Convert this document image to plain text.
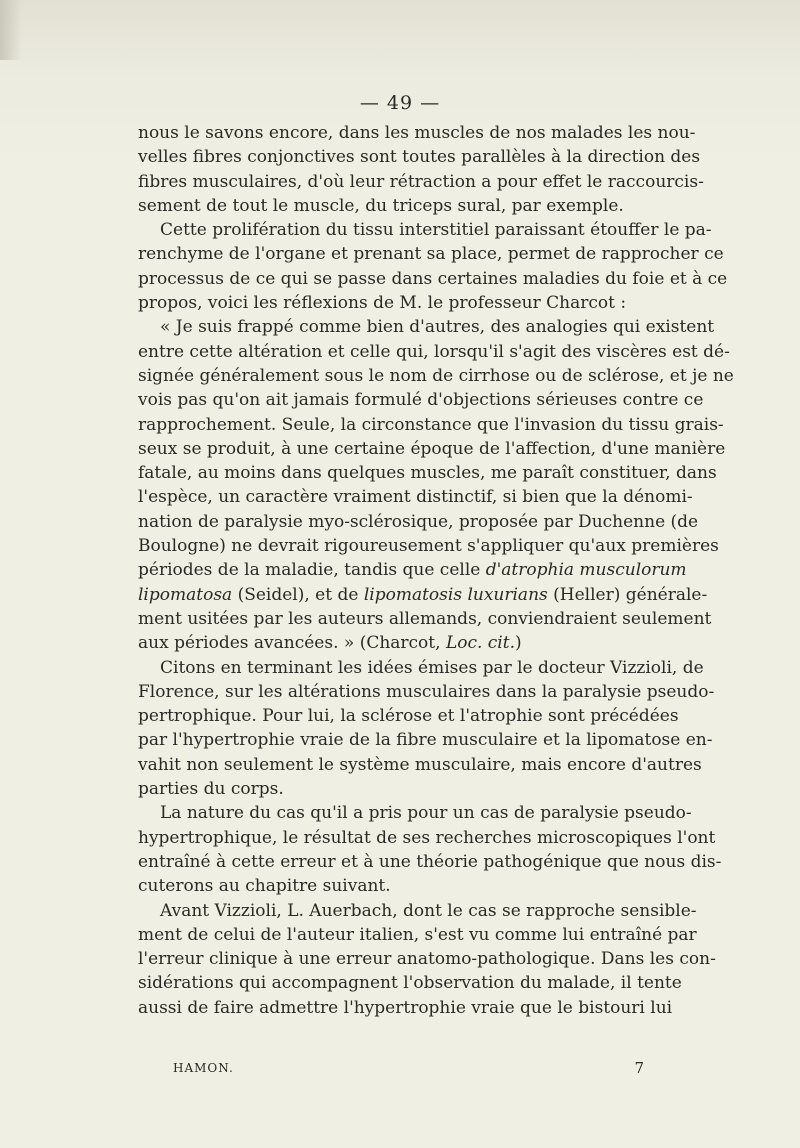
— 49 —
nous le savons encore, dans les muscles de nos malades les nou-
velles fibres conjonctives sont toutes parallèles à la direction des
fibres musculaires, d'où leur rétraction a pour effet le raccourcis-
sement de tout le muscle, du triceps sural, par exemple.
Cette prolifération du tissu interstitiel paraissant étouffer le pa-
renchyme de l'organe et prenant sa place, permet de rapprocher ce
processus de ce qui se passe dans certaines maladies du foie et à ce
propos, voici les réflexions de M. le professeur Charcot :
« Je suis frappé comme bien d'autres, des analogies qui existent
entre cette altération et celle qui, lorsqu'il s'agit des viscères est dé-
signée généralement sous le nom de cirrhose ou de sclérose, et je ne
vois pas qu'on ait jamais formulé d'objections sérieuses contre ce
rapprochement. Seule, la circonstance que l'invasion du tissu grais-
seux se produit, à une certaine époque de l'affection, d'une manière
fatale, au moins dans quelques muscles, me paraît constituer, dans
l'espèce, un caractère vraiment distinctif, si bien que la dénomi-
nation de paralysie myo-sclérosique, proposée par Duchenne (de
Boulogne) ne devrait rigoureusement s'appliquer qu'aux premières
périodes de la maladie, tandis que celle d'atrophia musculorum
lipomatosa (Seidel), et de lipomatosis luxurians (Heller) générale-
ment usitées par les auteurs allemands, conviendraient seulement
aux périodes avancées. » (Charcot, Loc. cit.)
Citons en terminant les idées émises par le docteur Vizzioli, de
Florence, sur les altérations musculaires dans la paralysie pseudo-
pertrophique. Pour lui, la sclérose et l'atrophie sont précédées
par l'hypertrophie vraie de la fibre musculaire et la lipomatose en-
vahit non seulement le système musculaire, mais encore d'autres
parties du corps.
La nature du cas qu'il a pris pour un cas de paralysie pseudo-
hypertrophique, le résultat de ses recherches microscopiques l'ont
entraîné à cette erreur et à une théorie pathogénique que nous dis-
cuterons au chapitre suivant.
Avant Vizzioli, L. Auerbach, dont le cas se rapproche sensible-
ment de celui de l'auteur italien, s'est vu comme lui entraîné par
l'erreur clinique à une erreur anatomo-pathologique. Dans les con-
sidérations qui accompagnent l'observation du malade, il tente
aussi de faire admettre l'hypertrophie vraie que le bistouri lui
HAMON.	7
